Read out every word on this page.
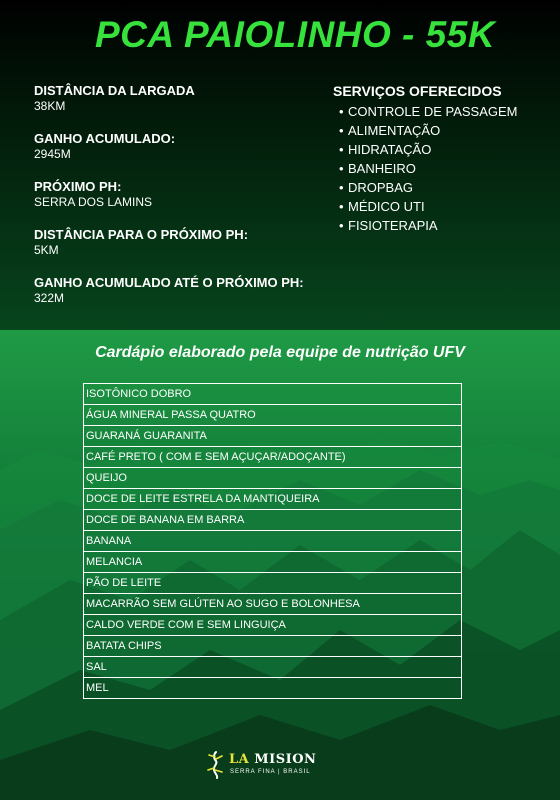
PCA PAIOLINHO - 55K
DISTÂNCIA DA LARGADA
38KM
GANHO ACUMULADO:
2945M
PRÓXIMO PH:
SERRA DOS LAMINS
DISTÂNCIA PARA O PRÓXIMO PH:
5KM
GANHO ACUMULADO ATÉ O PRÓXIMO PH:
322M
SERVIÇOS OFERECIDOS
• CONTROLE DE PASSAGEM
• ALIMENTAÇÃO
• HIDRATAÇÃO
• BANHEIRO
• DROPBAG
• MÉDICO UTI
• FISIOTERAPIA
Cardápio elaborado pela equipe de nutrição UFV
ISOTÔNICO DOBRO
ÁGUA MINERAL PASSA QUATRO
GUARANÁ GUARANITA
CAFÉ PRETO ( COM E SEM AÇUÇAR/ADOÇANTE)
QUEIJO
DOCE DE LEITE ESTRELA DA MANTIQUEIRA
DOCE DE BANANA EM BARRA
BANANA
MELANCIA
PÃO DE LEITE
MACARRÃO SEM GLÚTEN AO SUGO E BOLONHESA
CALDO VERDE COM E SEM LINGUIÇA
BATATA CHIPS
SAL
MEL
LA MISION
SERRA FINA | BRASIL
